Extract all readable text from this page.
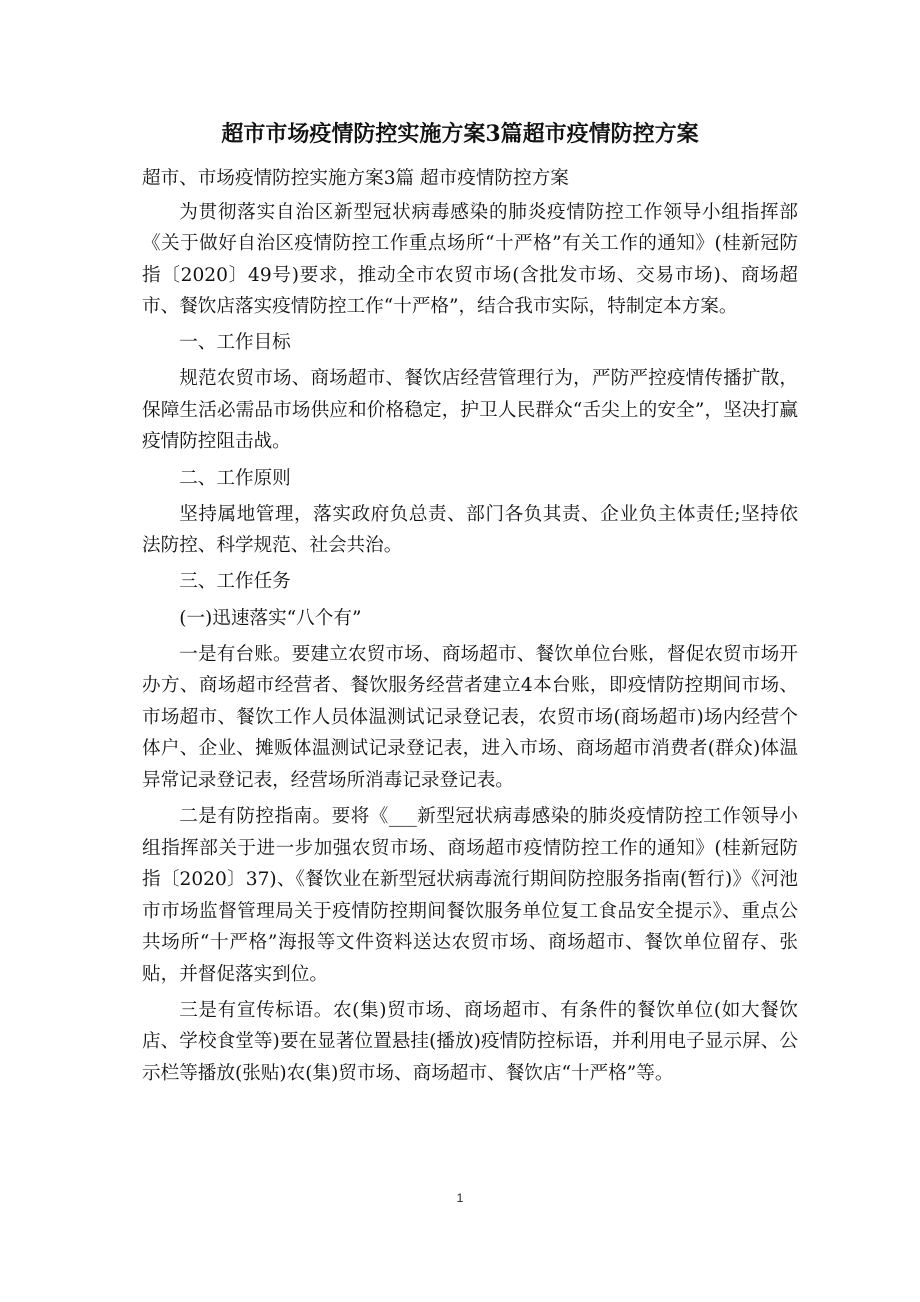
超市市场疫情防控实施方案3篇超市疫情防控方案

超市、市场疫情防控实施方案3篇 超市疫情防控方案

为贯彻落实自治区新型冠状病毒感染的肺炎疫情防控工作领导小组指挥部《关于做好自治区疫情防控工作重点场所“十严格”有关工作的通知》(桂新冠防指〔2020〕49号)要求，推动全市农贸市场(含批发市场、交易市场)、商场超市、餐饮店落实疫情防控工作“十严格”，结合我市实际，特制定本方案。

一、工作目标

规范农贸市场、商场超市、餐饮店经营管理行为，严防严控疫情传播扩散，保障生活必需品市场供应和价格稳定，护卫人民群众“舌尖上的安全”，坚决打赢疫情防控阻击战。

二、工作原则

坚持属地管理，落实政府负总责、部门各负其责、企业负主体责任;坚持依法防控、科学规范、社会共治。

三、工作任务

(一)迅速落实“八个有”

一是有台账。要建立农贸市场、商场超市、餐饮单位台账，督促农贸市场开办方、商场超市经营者、餐饮服务经营者建立4本台账，即疫情防控期间市场、市场超市、餐饮工作人员体温测试记录登记表，农贸市场(商场超市)场内经营个体户、企业、摊贩体温测试记录登记表，进入市场、商场超市消费者(群众)体温异常记录登记表，经营场所消毒记录登记表。

二是有防控指南。要将《___新型冠状病毒感染的肺炎疫情防控工作领导小组指挥部关于进一步加强农贸市场、商场超市疫情防控工作的通知》(桂新冠防指〔2020〕37)、《餐饮业在新型冠状病毒流行期间防控服务指南(暂行)》《河池市市场监督管理局关于疫情防控期间餐饮服务单位复工食品安全提示》、重点公共场所“十严格”海报等文件资料送达农贸市场、商场超市、餐饮单位留存、张贴，并督促落实到位。

三是有宣传标语。农(集)贸市场、商场超市、有条件的餐饮单位(如大餐饮店、学校食堂等)要在显著位置悬挂(播放)疫情防控标语，并利用电子显示屏、公示栏等播放(张贴)农(集)贸市场、商场超市、餐饮店“十严格”等。

1
